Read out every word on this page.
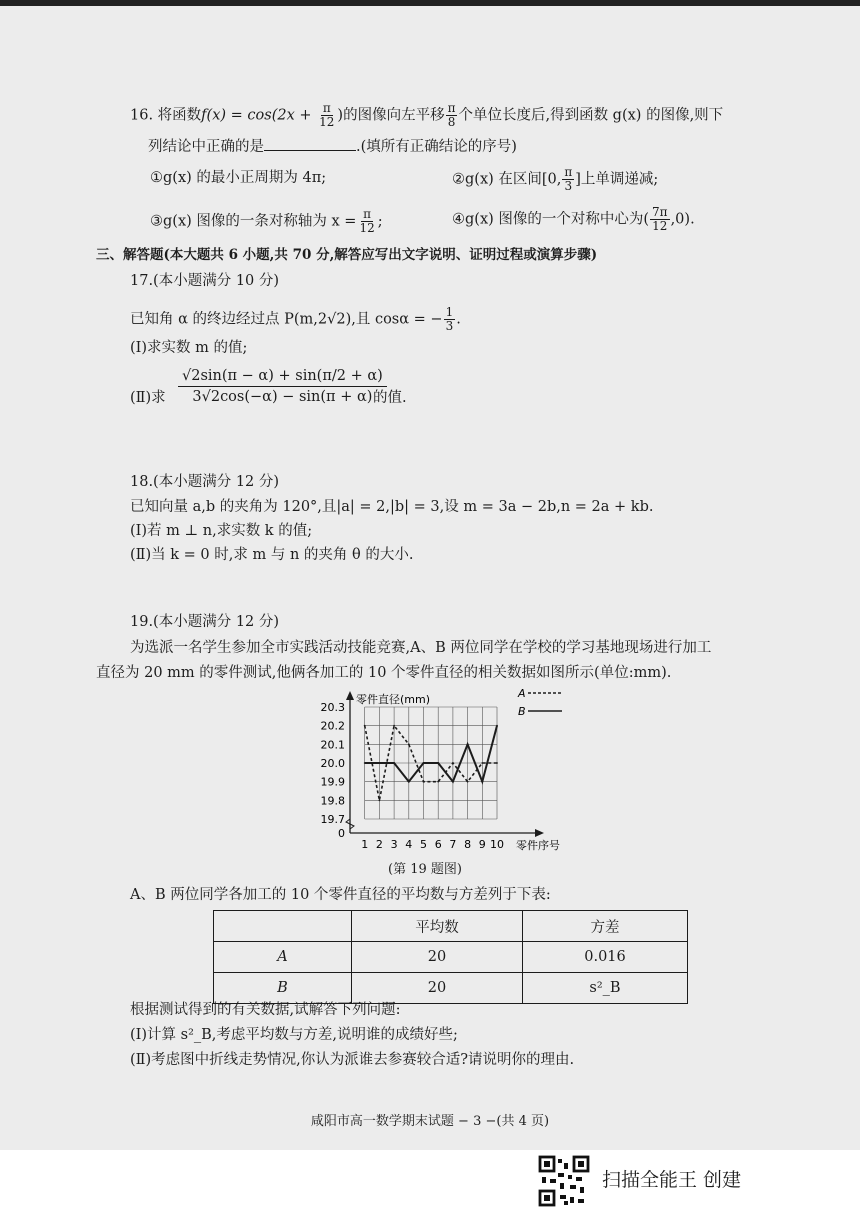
16. 将函数$f(x) = \cos(2x + \frac{\pi}{12}$ )的图像向左平移 $\frac{\pi}{8}$ 个单位长度后,得到函数 g(x) 的图像,则下
列结论中正确的是	.(填所有正确结论的序号)
①g(x) 的最小正周期为 4π;	②g(x) 在区间[0, $\frac{\pi}{3}$ ]上单调递减;
③g(x) 图像的一条对称轴为 $x = \frac{\pi}{12}$ ;	④g(x) 图像的一个对称中心为( $\frac{7\pi}{12} ,0$).
三、解答题(本大题共 6 小题,共 70 分,解答应写出文字说明、证明过程或演算步骤)
17.(本小题满分 10 分)
已知角 α 的终边经过点 P(m,2√2),且 cosα = − $\frac{1}{3}$ .
(Ⅰ)求实数 m 的值;
(Ⅱ)求 $\frac{√2\sin(\pi - \alpha) + \sin(\pi/2 + \alpha)}{3√2\cos(-\alpha) - \sin(\pi + \alpha)}$
的值.
18.(本小题满分 12 分)
已知向量 a,b 的夹角为 120°,且|a| = 2,|b| = 3,设 m = 3a − 2b,n = 2a + kb.
(Ⅰ)若 m ⊥ n,求实数 k 的值;
(Ⅱ)当 k = 0 时,求 m 与 n 的夹角 θ 的大小.
19.(本小题满分 12 分)
为选派一名学生参加全市实践活动技能竞赛,A、B 两位同学在学校的学习基地现场进行加工
直径为 20 mm 的零件测试,他俩各加工的 10 个零件直径的相关数据如图所示(单位:mm).
零件直径(mm)
零件序号
20.3
20.2
20.1
20.0
19.9
19.8
19.7
0
1 2 3 4 5 6 7 8 9 10
A
B
(第 19 题图)
A、B 两位同学各加工的 10 个零件直径的平均数与方差列于下表:
	平均数	方差
A	20	0.016
B	20	s²_B
根据测试得到的有关数据,试解答下列问题:
(Ⅰ)计算 s²_B,考虑平均数与方差,说明谁的成绩好些;
(Ⅱ)考虑图中折线走势情况,你认为派谁去参赛较合适?请说明你的理由.
咸阳市高一数学期末试题 − 3 −(共 4 页)
扫描全能王 创建
